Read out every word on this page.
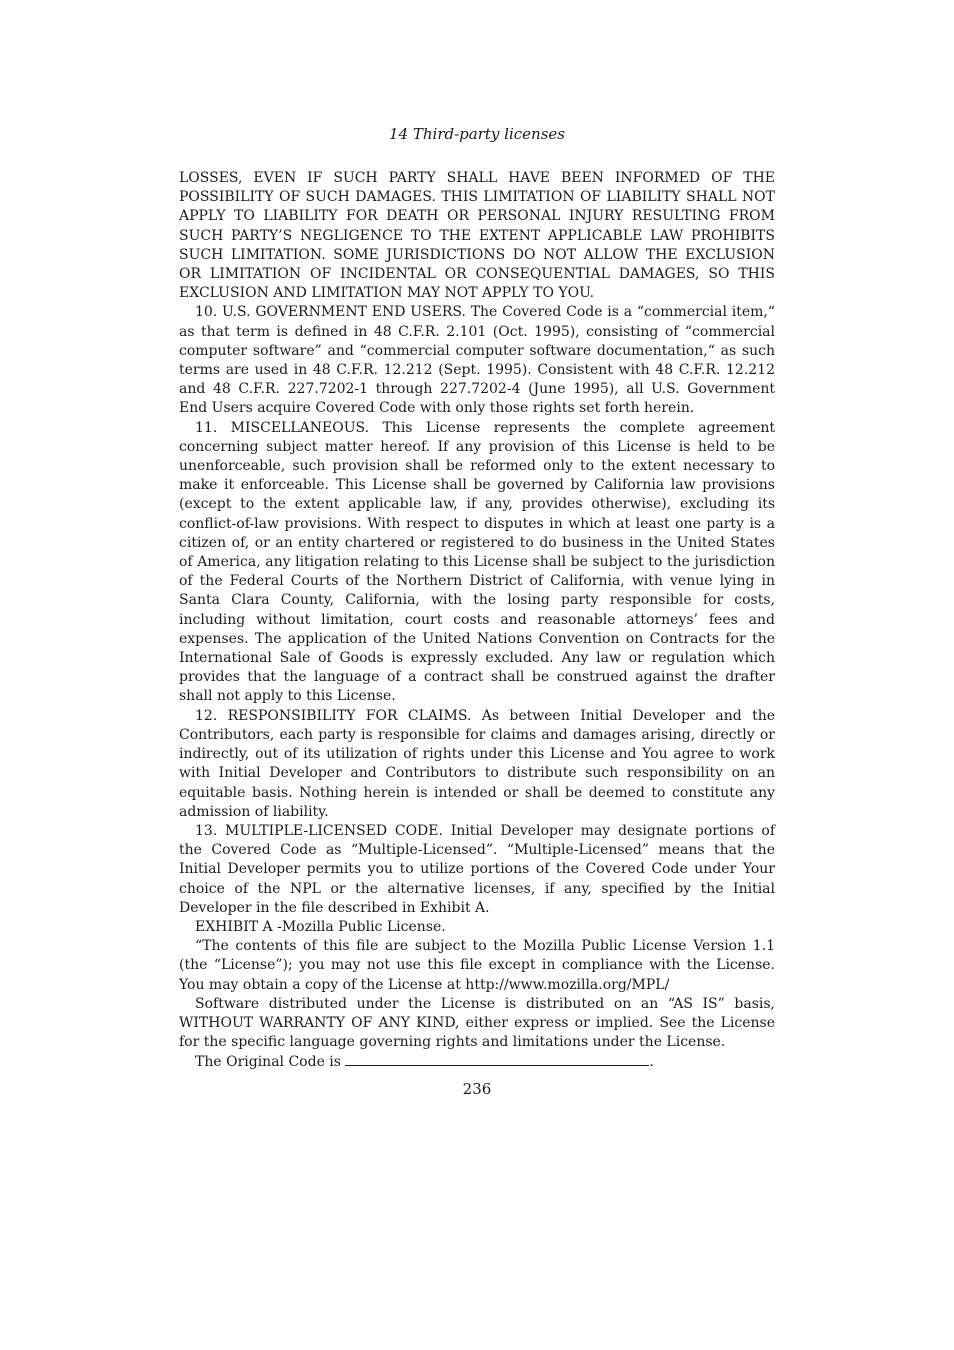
14 Third-party licenses

LOSSES, EVEN IF SUCH PARTY SHALL HAVE BEEN INFORMED OF THE POSSIBILITY OF SUCH DAMAGES. THIS LIMITATION OF LIABILITY SHALL NOT APPLY TO LIABILITY FOR DEATH OR PERSONAL INJURY RESULTING FROM SUCH PARTY’S NEGLIGENCE TO THE EXTENT APPLICABLE LAW PROHIBITS SUCH LIMITATION. SOME JURISDICTIONS DO NOT ALLOW THE EXCLUSION OR LIMITATION OF INCIDENTAL OR CONSEQUENTIAL DAMAGES, SO THIS EXCLUSION AND LIMITATION MAY NOT APPLY TO YOU.

10. U.S. GOVERNMENT END USERS. The Covered Code is a “commercial item,“ as that term is defined in 48 C.F.R. 2.101 (Oct. 1995), consisting of “commercial computer software” and “commercial computer software documentation,“ as such terms are used in 48 C.F.R. 12.212 (Sept. 1995). Consistent with 48 C.F.R. 12.212 and 48 C.F.R. 227.7202-1 through 227.7202-4 (June 1995), all U.S. Government End Users acquire Covered Code with only those rights set forth herein.

11. MISCELLANEOUS. This License represents the complete agreement concerning subject matter hereof. If any provision of this License is held to be unenforceable, such provision shall be reformed only to the extent necessary to make it enforceable. This License shall be governed by California law provisions (except to the extent applicable law, if any, provides otherwise), excluding its conflict-of-law provisions. With respect to disputes in which at least one party is a citizen of, or an entity chartered or registered to do business in the United States of America, any litigation relating to this License shall be subject to the jurisdiction of the Federal Courts of the Northern District of California, with venue lying in Santa Clara County, California, with the losing party responsible for costs, including without limitation, court costs and reasonable attorneys’ fees and expenses. The application of the United Nations Convention on Contracts for the International Sale of Goods is expressly excluded. Any law or regulation which provides that the language of a contract shall be construed against the drafter shall not apply to this License.

12. RESPONSIBILITY FOR CLAIMS. As between Initial Developer and the Contributors, each party is responsible for claims and damages arising, directly or indirectly, out of its utilization of rights under this License and You agree to work with Initial Developer and Contributors to distribute such responsibility on an equitable basis. Nothing herein is intended or shall be deemed to constitute any admission of liability.

13. MULTIPLE-LICENSED CODE. Initial Developer may designate portions of the Covered Code as “Multiple-Licensed”. “Multiple-Licensed” means that the Initial Developer permits you to utilize portions of the Covered Code under Your choice of the NPL or the alternative licenses, if any, specified by the Initial Developer in the file described in Exhibit A.

EXHIBIT A -Mozilla Public License.

“The contents of this file are subject to the Mozilla Public License Version 1.1 (the “License”); you may not use this file except in compliance with the License. You may obtain a copy of the License at http://www.mozilla.org/MPL/

Software distributed under the License is distributed on an “AS IS” basis, WITHOUT WARRANTY OF ANY KIND, either express or implied. See the License for the specific language governing rights and limitations under the License.

The Original Code is	.

236
